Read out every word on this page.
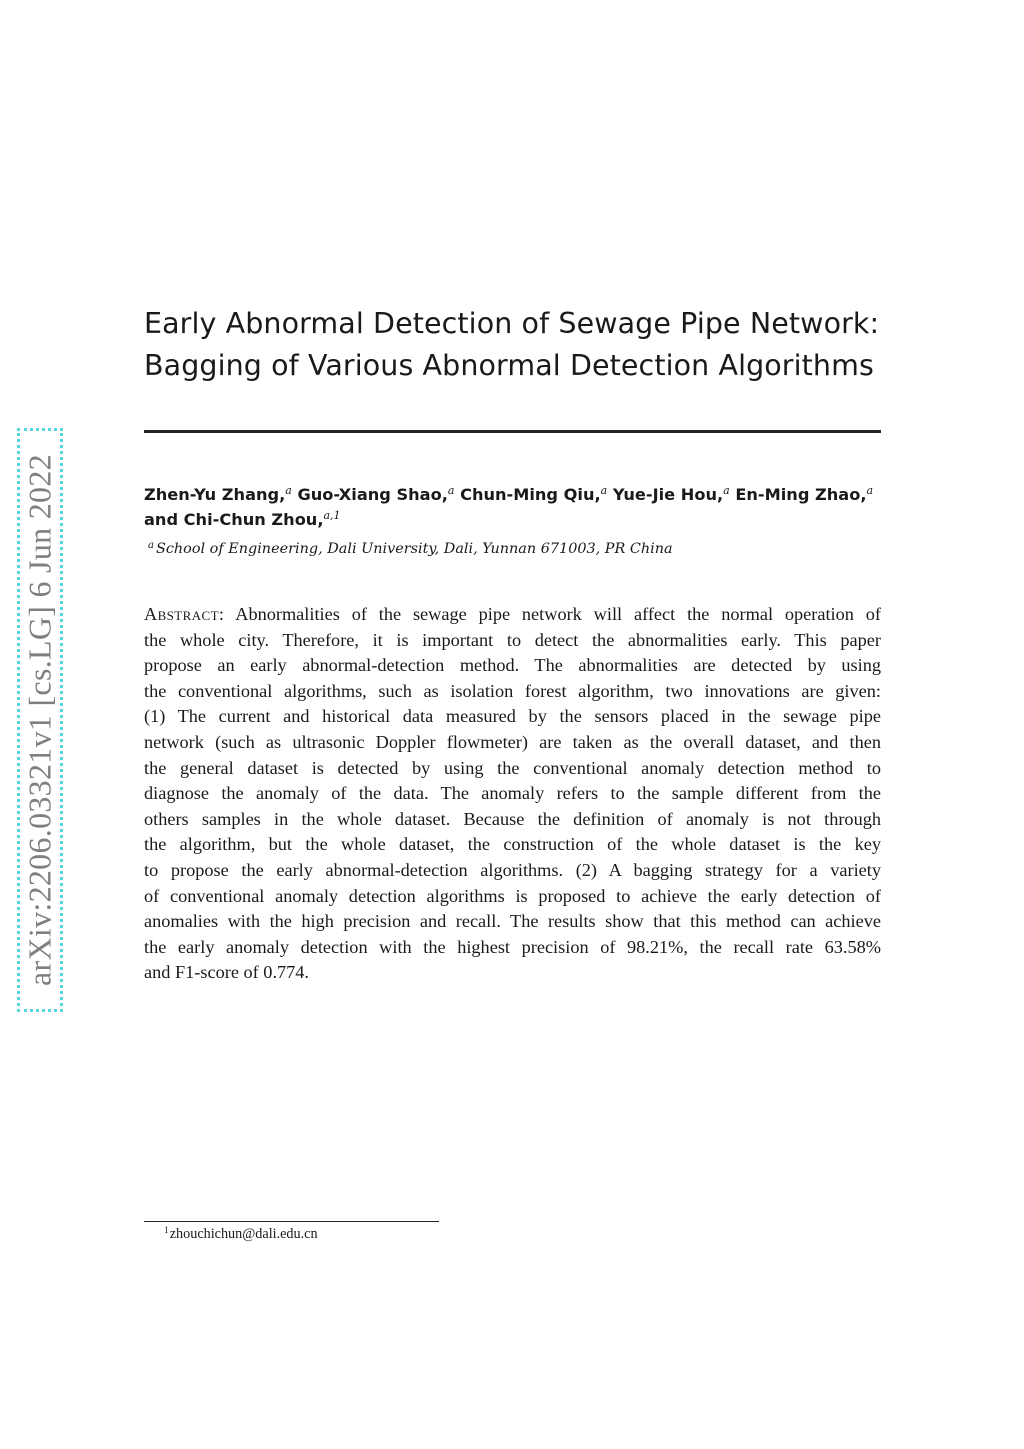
arXiv:2206.03321v1 [cs.LG] 6 Jun 2022
Early Abnormal Detection of Sewage Pipe Network:
Bagging of Various Abnormal Detection Algorithms
Zhen-Yu Zhang,$^a$ Guo-Xiang Shao,$^a$ Chun-Ming Qiu,$^a$ Yue-Jie Hou,$^a$ En-Ming Zhao,$^a$
and Chi-Chun Zhou,$^{a,1}$
$^a$ School of Engineering, Dali University, Dali, Yunnan 671003, PR China
Abstract: Abnormalities of the sewage pipe network will affect the normal operation of
the whole city. Therefore, it is important to detect the abnormalities early. This paper
propose an early abnormal-detection method. The abnormalities are detected by using
the conventional algorithms, such as isolation forest algorithm, two innovations are given:
(1) The current and historical data measured by the sensors placed in the sewage pipe
network (such as ultrasonic Doppler flowmeter) are taken as the overall dataset, and then
the general dataset is detected by using the conventional anomaly detection method to
diagnose the anomaly of the data. The anomaly refers to the sample different from the
others samples in the whole dataset. Because the definition of anomaly is not through
the algorithm, but the whole dataset, the construction of the whole dataset is the key
to propose the early abnormal-detection algorithms. (2) A bagging strategy for a variety
of conventional anomaly detection algorithms is proposed to achieve the early detection of
anomalies with the high precision and recall. The results show that this method can achieve
the early anomaly detection with the highest precision of 98.21%, the recall rate 63.58%
and F1-score of 0.774.
$^1$zhouchichun@dali.edu.cn
